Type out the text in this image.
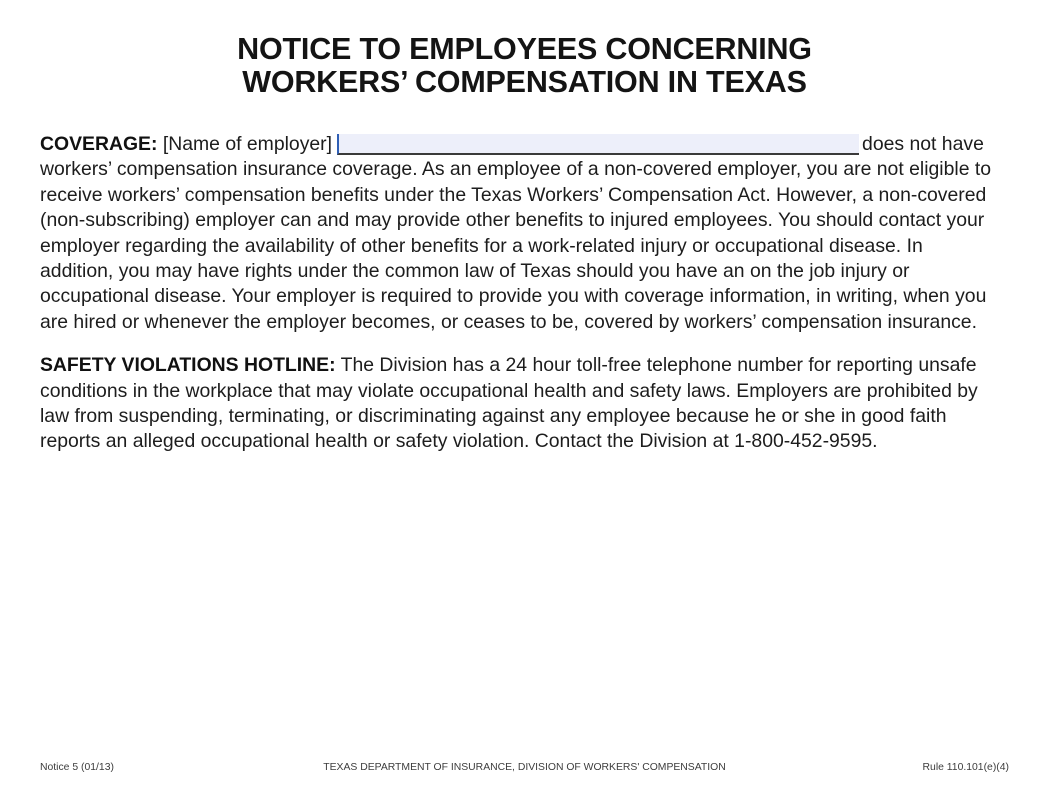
NOTICE TO EMPLOYEES CONCERNING
WORKERS’ COMPENSATION IN TEXAS

COVERAGE: [Name of employer]	does not have workers’ compensation insurance coverage. As an employee of a non-covered employer, you are not eligible to receive workers’ compensation benefits under the Texas Workers’ Compensation Act. However, a non-covered (non-subscribing) employer can and may provide other benefits to injured employees. You should contact your employer regarding the availability of other benefits for a work-related injury or occupational disease. In addition, you may have rights under the common law of Texas should you have an on the job injury or occupational disease. Your employer is required to provide you with coverage information, in writing, when you are hired or whenever the employer becomes, or ceases to be, covered by workers’ compensation insurance.

SAFETY VIOLATIONS HOTLINE: The Division has a 24 hour toll-free telephone number for reporting unsafe conditions in the workplace that may violate occupational health and safety laws. Employers are prohibited by law from suspending, terminating, or discriminating against any employee because he or she in good faith reports an alleged occupational health or safety violation. Contact the Division at 1-800-452-9595.

Notice 5 (01/13)	TEXAS DEPARTMENT OF INSURANCE, DIVISION OF WORKERS' COMPENSATION	Rule 110.101(e)(4)
